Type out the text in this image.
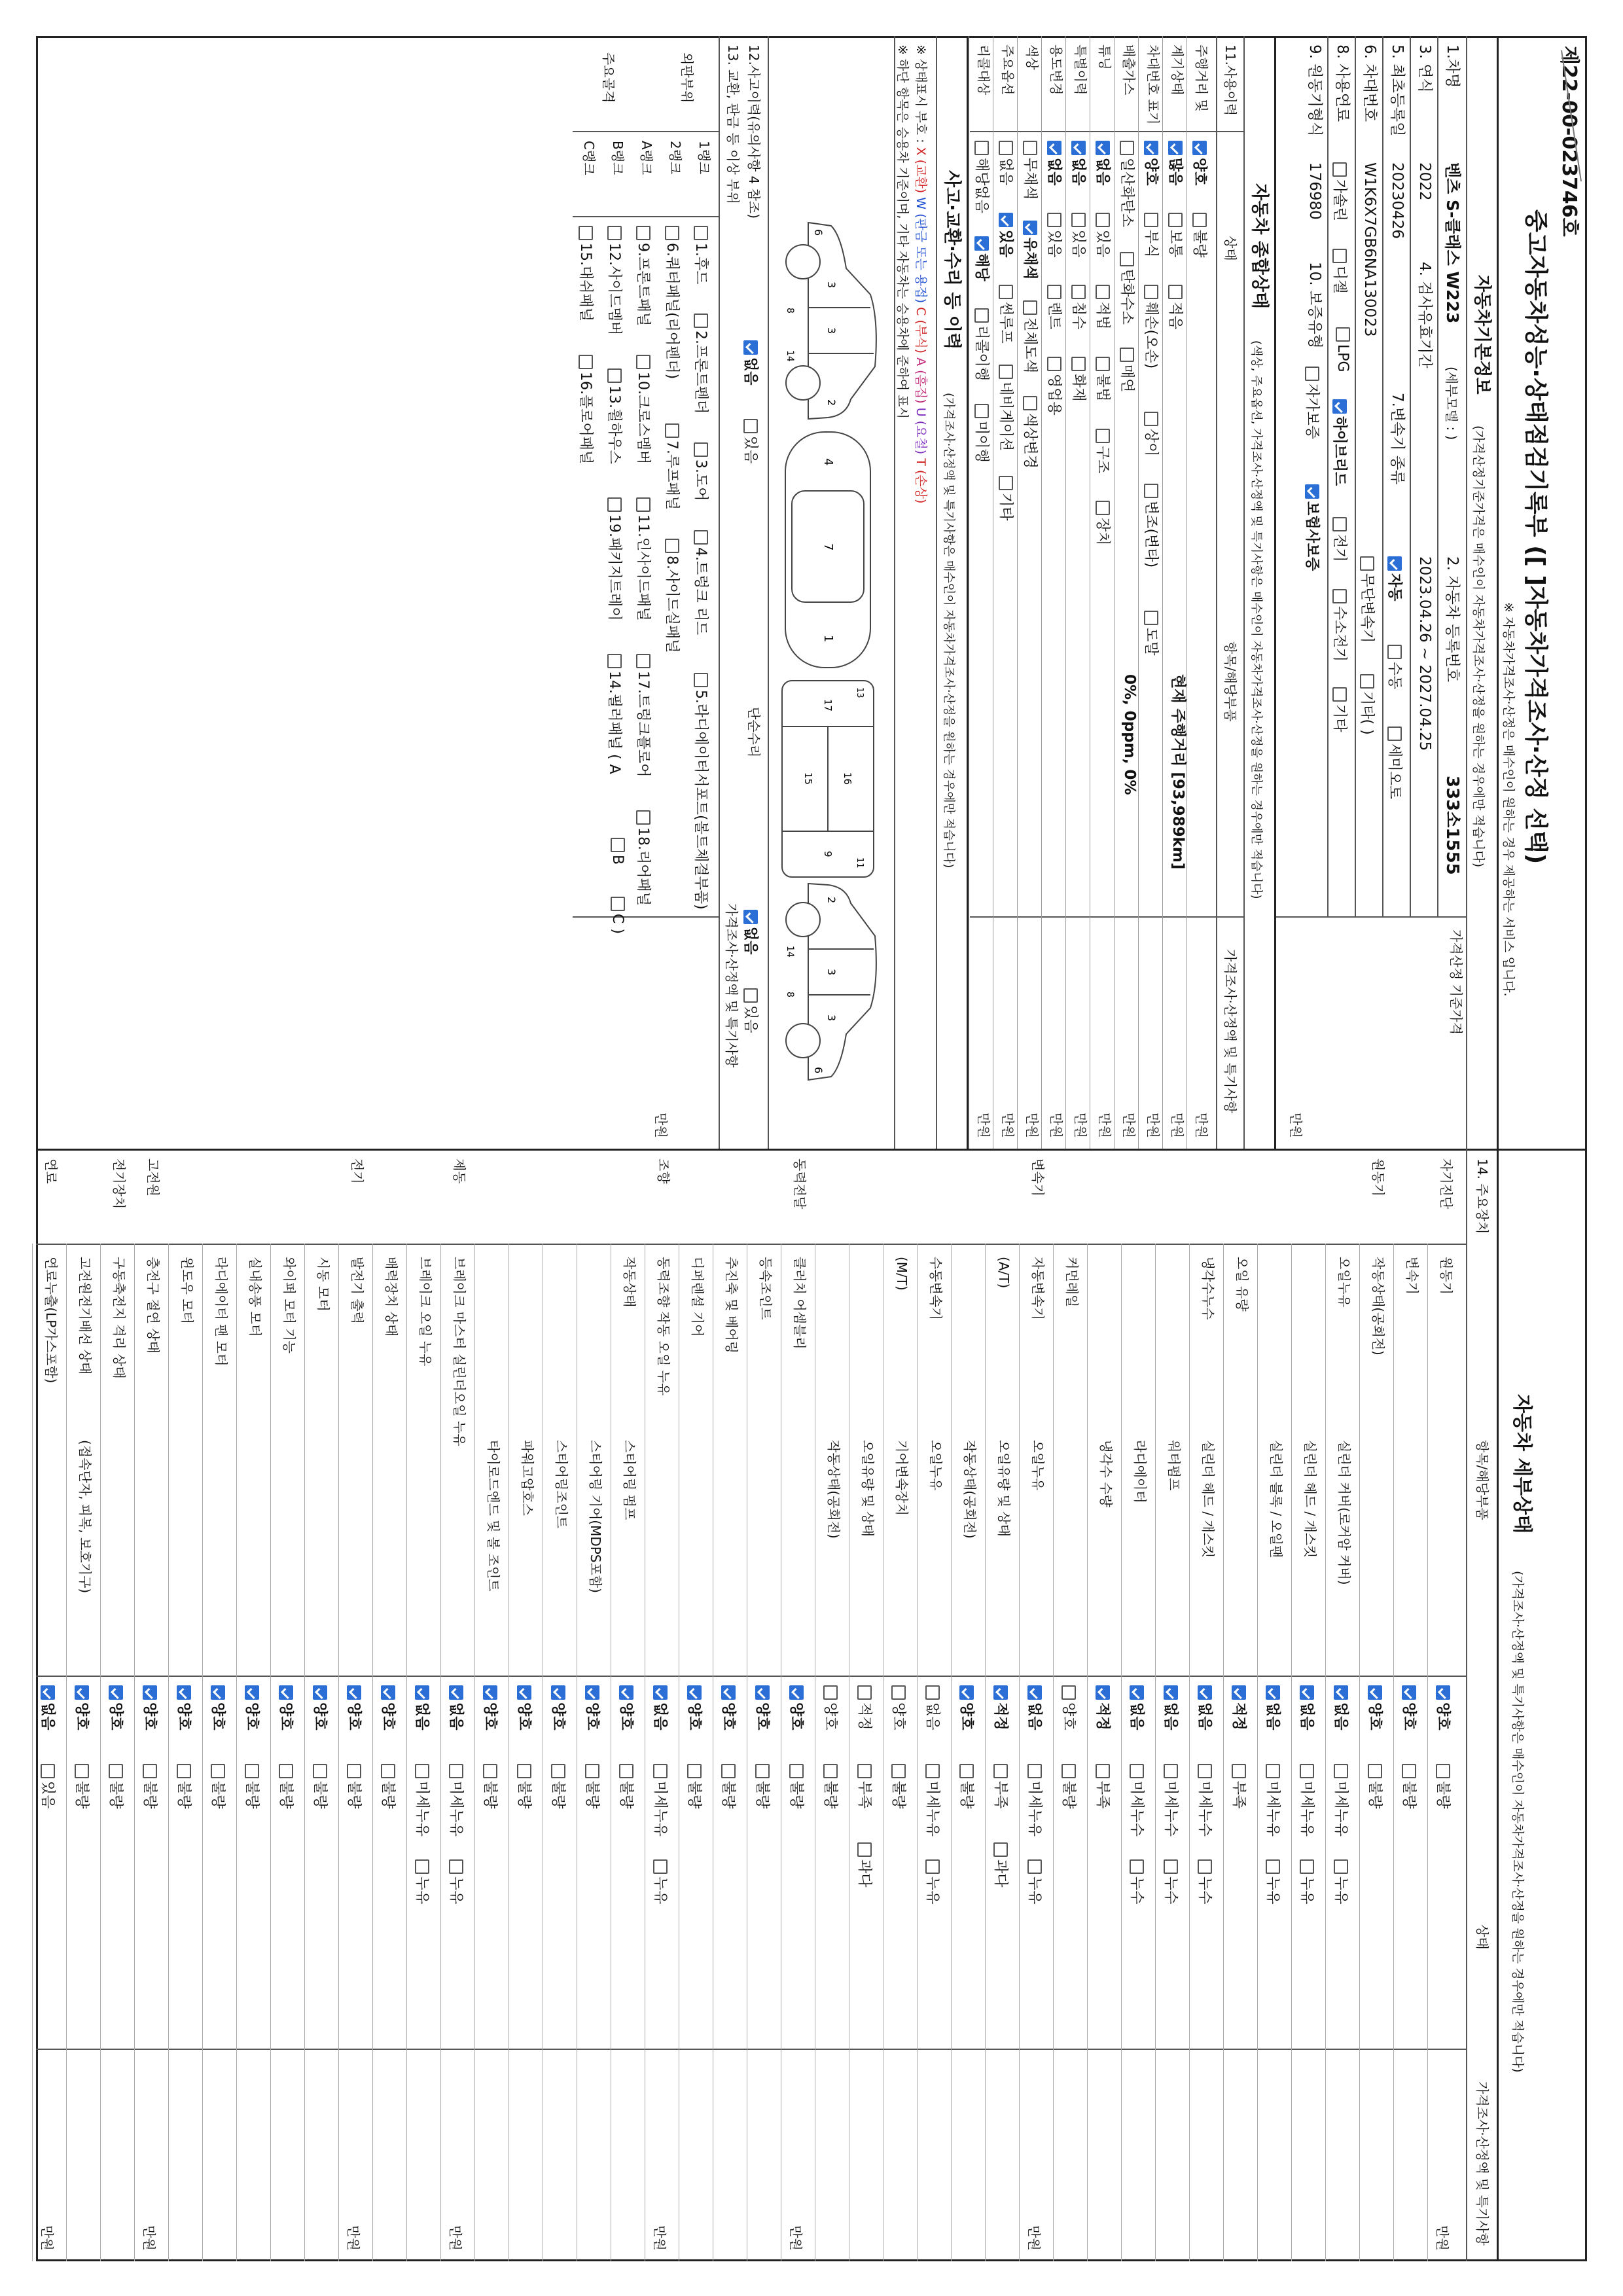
제22-00-023746호
중고자동차성능·상태점검기록부 ([ ]자동차가격조사·산정 선택)
※ 자동차가격조사·산정은 매수인이 원하는 경우 제공하는 서비스 입니다.
자동차기본정보
(가격산정기준가격은 매수인이 자동차가격조사·산정을 원하는 경우에만 적습니다)
1.차명
벤츠 S-클래스 W223
(세부모델 : )
2. 자동차 등록번호
333소1555
가격산정 기준가격
3. 연식
2022
4. 검사유효기간
2023.04.26 ~ 2027.04.25
5. 최초등록일
20230426
7.변속기 종류
자동
수동
세미오토
6. 차대번호
W1K6X7GB6NA130023
무단변속기
기타( )
8. 사용연료
가솔린
디젤
LPG
하이브리드
전기
수소전기
기타
9. 원동기형식
176980
10. 보증유형
자가보증
보험사보증
만원
자동차 종합상태
(색상, 주요옵션, 가격조사·산정액 및 특기사항은 매수인이 자동차가격조사·산정을 원하는 경우에만 적습니다)
11.사용이력
상태
항목/해당부품
가격조사·산정액 및 특기사항
주행거리 및
양호
불량
만원
계기상태
많음
보통
적음
현재 주행거리 [93,989km]
만원
차대번호 표기
양호
부식
훼손(오손)
상이
변조(변타)
도말
만원
배출가스
일산화탄소
탄화수소
매연
0%, 0ppm, 0%
만원
튜닝
없음
있음
적법
불법
구조
장치
만원
특별이력
없음
있음
침수
화재
만원
용도변경
없음
있음
렌트
영업용
만원
색상
무채색
유채색
전체도색
색상변경
만원
주요옵션
없음
있음
썬루프
네비게이션
기타
만원
리콜대상
해당없음
해당
리콜이행
미이행
만원
사고·교환·수리 등 이력
(가격조사·산정액 및 특기사항은 매수인이 자동차가격조사·산정을 원하는 경우에만 적습니다)
※ 상태표시 부호 : X (교환) W (판금 또는 용접) C (부식) A (흠집) U (요철) T (손상)
※ 하단 항목은 승용차 기준이며, 기타 자동차는 승용차에 준하여 표시
6
3
3
2
8
14
4
7
1
17
16
15
9
13
11
2
3
3
6
14
8
12.사고이력(유의사항 4 참조)
없음
있음
단순수리
없음
있음
13. 교환, 판금 등 이상 부위
가격조사·산정액 및 특기사항
외판부위
주요골격
만원
1랭크
1.후드
2.프론트펜더
3.도어
4.트렁크 리드
5.라디에이터서포트(볼트체결부품)
2랭크
6.쿼터패널(리어펜더)
7.루프패널
8.사이드실패널
A랭크
9.프론트패널
10.크로스멤버
11.인사이드패널
17.트렁크플로어
18.리어패널
B랭크
12.사이드멤버
13.휠하우스
19.패키지트레이
14.필러패널 ( A
B
C )
C랭크
15.대쉬패널
16.플로어패널
자동차 세부상태
(가격조사·산정액 및 특기사항은 매수인이 자동차가격조사·산정을 원하는 경우에만 적습니다)
14. 주요장치
항목/해당부품
상태
가격조사·산정액 및 특기사항
자기진단
원동기
양호
불량
변속기
양호
불량
원동기
작동상태(공회전)
양호
불량
오일누유
실린더 커버(로커암 커버)
없음
미세누유
누유
실린더 헤드 / 개스킷
없음
미세누유
누유
실린더 블록 / 오일팬
없음
미세누유
누유
오일 유량
적정
부족
냉각수누수
실린더 헤드 / 개스킷
없음
미세누수
누수
워터펌프
없음
미세누수
누수
라디에이터
없음
미세누수
누수
냉각수 수량
적정
부족
커먼레일
양호
불량
변속기
자동변속기
오일누유
없음
미세누유
누유
(A/T)
오일유량 및 상태
적정
부족
과다
작동상태(공회전)
양호
불량
수동변속기
오일누유
없음
미세누유
누유
(M/T)
기어변속장치
양호
불량
오일유량 및 상태
적정
부족
과다
작동상태(공회전)
양호
불량
동력전달
클러치 어셈블리
양호
불량
등속조인트
양호
불량
추진축 및 베어링
양호
불량
디퍼렌셜 기어
양호
불량
조향
동력조향 작동 오일 누유
없음
미세누유
누유
작동상태
스티어링 펌프
양호
불량
스티어링 기어(MDPS포함)
양호
불량
스티어링조인트
양호
불량
파워고압호스
양호
불량
타이로드엔드 및 볼 조인트
양호
불량
제동
브레이크 마스터 실린더오일 누유
없음
미세누유
누유
브레이크 오일 누유
없음
미세누유
누유
배력장치 상태
양호
불량
전기
발전기 출력
양호
불량
시동 모터
양호
불량
와이퍼 모터 기능
양호
불량
실내송풍 모터
양호
불량
라디에이터 팬 모터
양호
불량
윈도우 모터
양호
불량
고전원
충전구 절연 상태
양호
불량
전기장치
구동축전지 격리 상태
양호
불량
고전원전기배선 상태
(접속단자, 피복, 보호기구)
양호
불량
연료
연료누출(LP가스포함)
없음
있음
만원
만원
만원
만원
만원
만원
만원
만원
